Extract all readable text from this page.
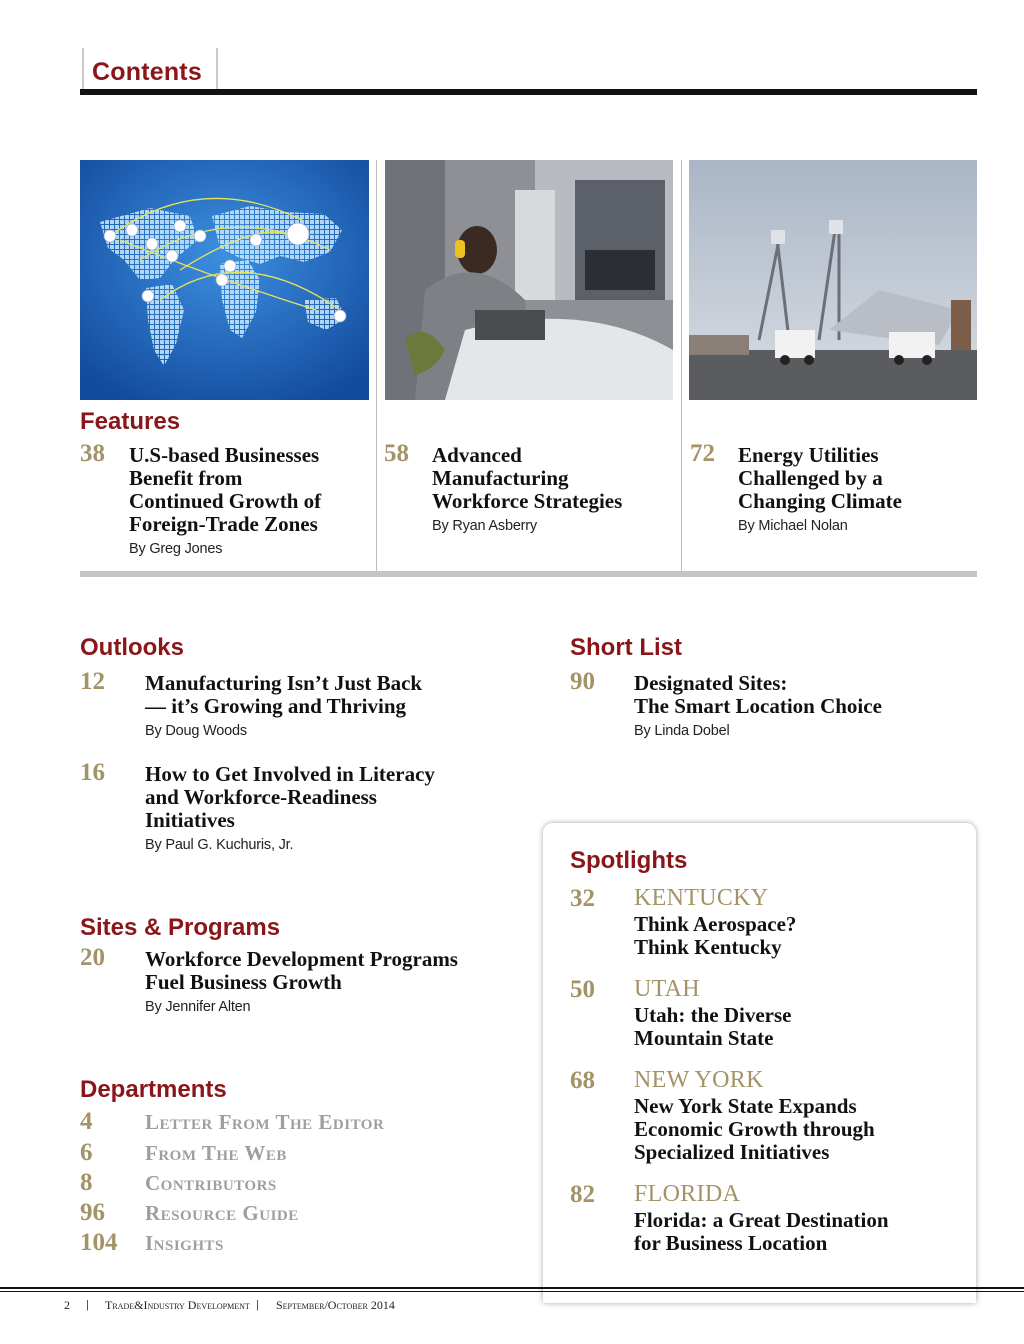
Contents
Features
38 U.S-based Businesses
Benefit from
Continued Growth of
Foreign-Trade Zones
By Greg Jones
58 Advanced
Manufacturing
Workforce Strategies
By Ryan Asberry
72 Energy Utilities
Challenged by a
Changing Climate
By Michael Nolan
Outlooks
12 Manufacturing Isn’t Just Back
— it’s Growing and Thriving
By Doug Woods
16 How to Get Involved in Literacy
and Workforce-Readiness
Initiatives
By Paul G. Kuchuris, Jr.
Sites & Programs
20 Workforce Development Programs
Fuel Business Growth
By Jennifer Alten
Departments
4	Letter From The Editor
6	From The Web
8	Contributors
96 Resource Guide
104 Insights
Short List
90 Designated Sites:
The Smart Location Choice
By Linda Dobel
Spotlights
32 KENTUCKY
Think Aerospace?
Think Kentucky
50 UTAH
Utah: the Diverse
Mountain State
68 NEW YORK
New York State Expands
Economic Growth through
Specialized Initiatives
82 FLORIDA
Florida: a Great Destination
for Business Location
2 | Trade&Industry Development | September/October 2014
